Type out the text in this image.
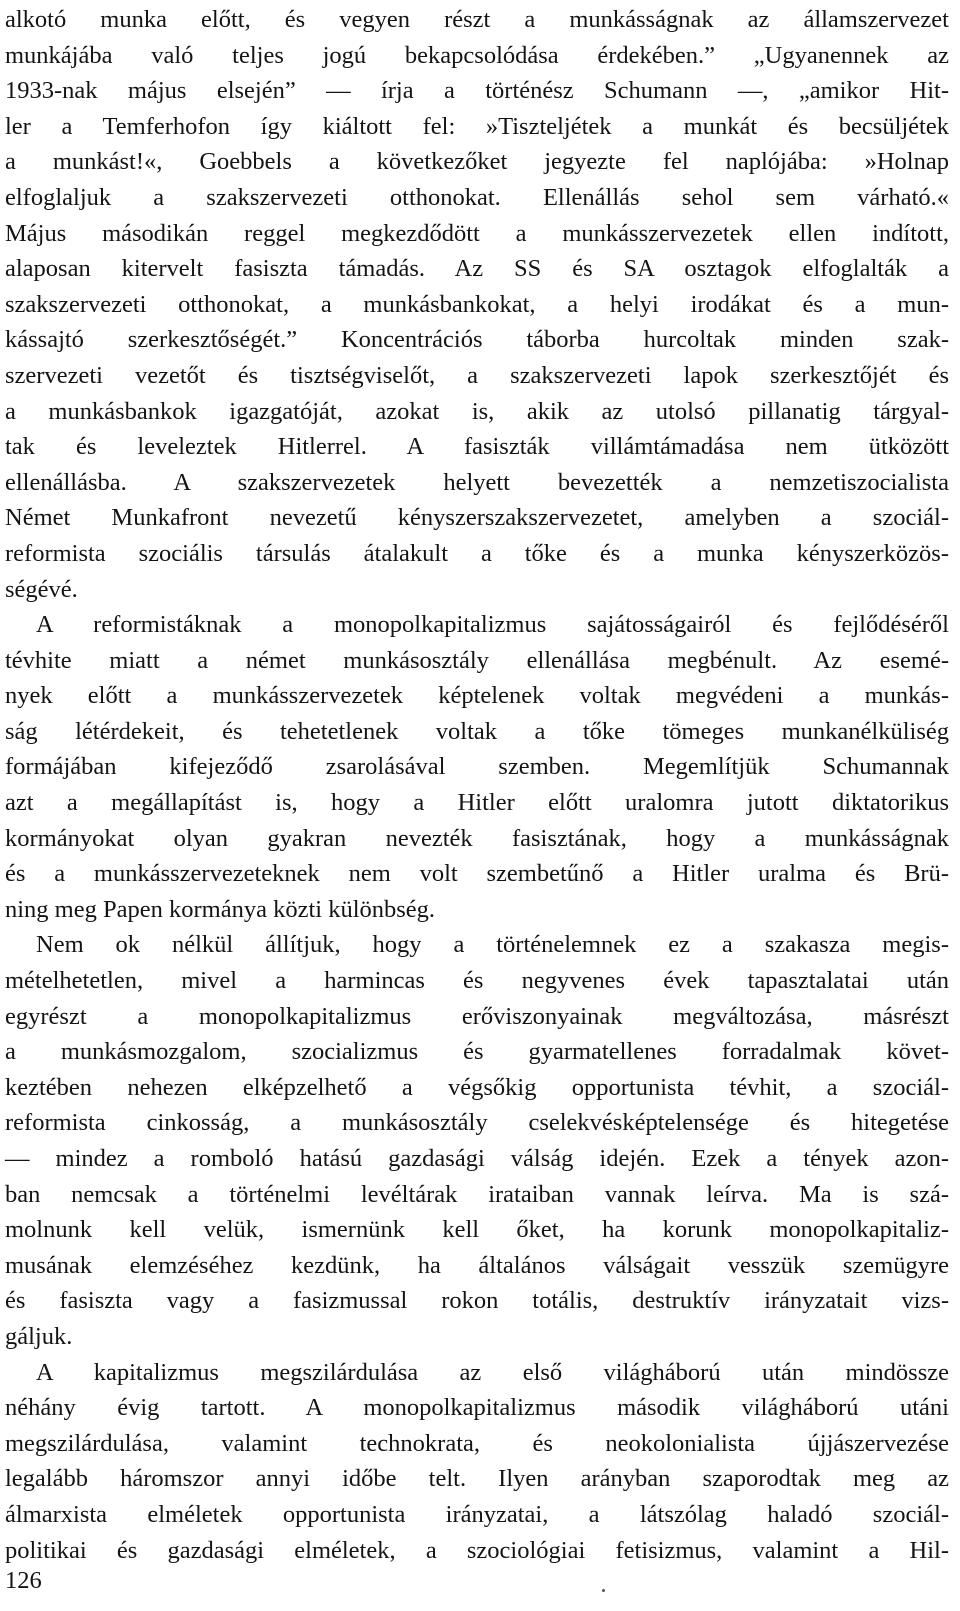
alkotó munka előtt, és vegyen részt a munkásságnak az államszervezet
munkájába való teljes jogú bekapcsolódása érdekében.” „Ugyanennek az
1933-nak május elsején” — írja a történész Schumann —, „amikor Hit-
ler a Temferhofon így kiáltott fel: »Tiszteljétek a munkát és becsüljétek
a munkást!«, Goebbels a következőket jegyezte fel naplójába: »Holnap
elfoglaljuk a szakszervezeti otthonokat. Ellenállás sehol sem várható.«
Május másodikán reggel megkezdődött a munkásszervezetek ellen indított,
alaposan kitervelt fasiszta támadás. Az SS és SA osztagok elfoglalták a
szakszervezeti otthonokat, a munkásbankokat, a helyi irodákat és a mun-
kássajtó szerkesztőségét.” Koncentrációs táborba hurcoltak minden szak-
szervezeti vezetőt és tisztségviselőt, a szakszervezeti lapok szerkesztőjét és
a munkásbankok igazgatóját, azokat is, akik az utolsó pillanatig tárgyal-
tak és leveleztek Hitlerrel. A fasiszták villámtámadása nem ütközött
ellenállásba. A szakszervezetek helyett bevezették a nemzetiszocialista
Német Munkafront nevezetű kényszerszakszervezetet, amelyben a szociál-
reformista szociális társulás átalakult a tőke és a munka kényszerközös-
ségévé.
A reformistáknak a monopolkapitalizmus sajátosságairól és fejlődéséről
tévhite miatt a német munkásosztály ellenállása megbénult. Az esemé-
nyek előtt a munkásszervezetek képtelenek voltak megvédeni a munkás-
ság létérdekeit, és tehetetlenek voltak a tőke tömeges munkanélküliség
formájában kifejeződő zsarolásával szemben. Megemlítjük Schumannak
azt a megállapítást is, hogy a Hitler előtt uralomra jutott diktatorikus
kormányokat olyan gyakran nevezték fasisztának, hogy a munkásságnak
és a munkásszervezeteknek nem volt szembetűnő a Hitler uralma és Brü-
ning meg Papen kormánya közti különbség.
Nem ok nélkül állítjuk, hogy a történelemnek ez a szakasza megis-
mételhetetlen, mivel a harmincas és negyvenes évek tapasztalatai után
egyrészt a monopolkapitalizmus erőviszonyainak megváltozása, másrészt
a munkásmozgalom, szocializmus és gyarmatellenes forradalmak követ-
keztében nehezen elképzelhető a végsőkig opportunista tévhit, a szociál-
reformista cinkosság, a munkásosztály cselekvésképtelensége és hitegetése
— mindez a romboló hatású gazdasági válság idején. Ezek a tények azon-
ban nemcsak a történelmi levéltárak irataiban vannak leírva. Ma is szá-
molnunk kell velük, ismernünk kell őket, ha korunk monopolkapitaliz-
musának elemzéséhez kezdünk, ha általános válságait vesszük szemügyre
és fasiszta vagy a fasizmussal rokon totális, destruktív irányzatait vizs-
gáljuk.
A kapitalizmus megszilárdulása az első világháború után mindössze
néhány évig tartott. A monopolkapitalizmus második világháború utáni
megszilárdulása, valamint technokrata, és neokolonialista újjászervezése
legalább háromszor annyi időbe telt. Ilyen arányban szaporodtak meg az
álmarxista elméletek opportunista irányzatai, a látszólag haladó szociál-
politikai és gazdasági elméletek, a szociológiai fetisizmus, valamint a Hil-
126
